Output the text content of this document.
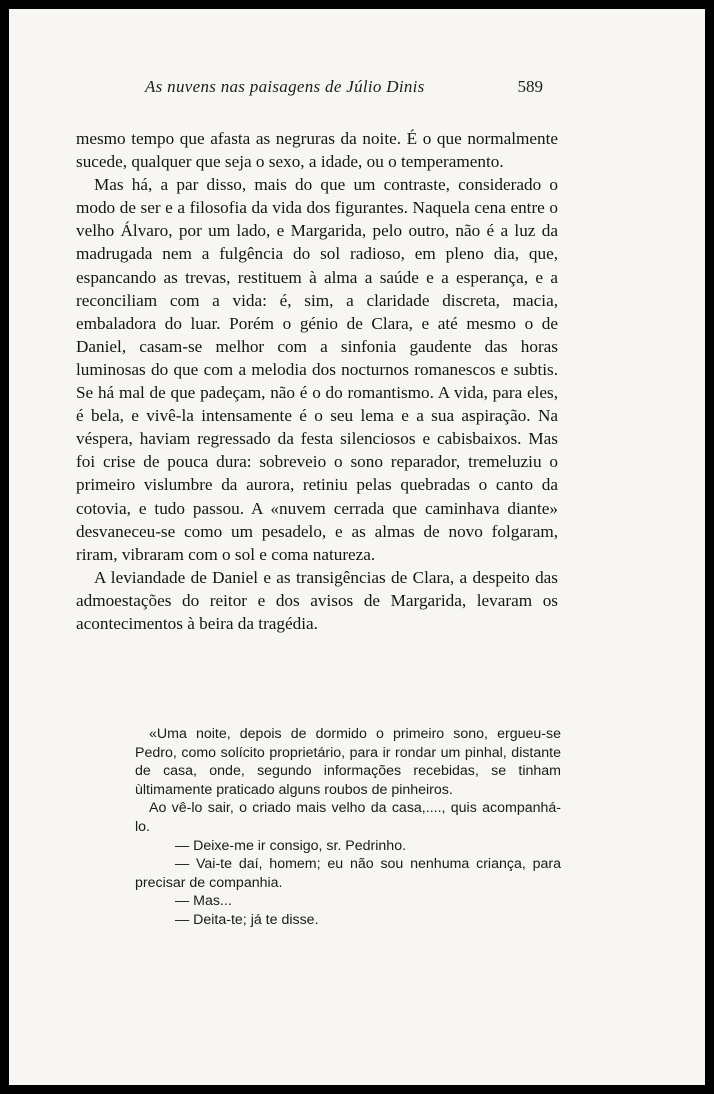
As nuvens nas paisagens de Júlio Dinis	589

mesmo tempo que afasta as negruras da noite. É o que normalmente sucede, qualquer que seja o sexo, a idade, ou o temperamento.

Mas há, a par disso, mais do que um contraste, considerado o modo de ser e a filosofia da vida dos figurantes. Naquela cena entre o velho Álvaro, por um lado, e Margarida, pelo outro, não é a luz da madrugada nem a fulgência do sol radioso, em pleno dia, que, espancando as trevas, restituem à alma a saúde e a esperança, e a reconciliam com a vida: é, sim, a claridade discreta, macia, embaladora do luar. Porém o génio de Clara, e até mesmo o de Daniel, casam-se melhor com a sinfonia gaudente das horas luminosas do que com a melodia dos nocturnos romanescos e subtis. Se há mal de que padeçam, não é o do romantismo. A vida, para eles, é bela, e vivê-la intensamente é o seu lema e a sua aspiração. Na véspera, haviam regressado da festa silenciosos e cabisbaixos. Mas foi crise de pouca dura: sobreveio o sono reparador, tremeluziu o primeiro vislumbre da aurora, retiniu pelas quebradas o canto da cotovia, e tudo passou. A «nuvem cerrada que caminhava diante» desvaneceu-se como um pesadelo, e as almas de novo folgaram, riram, vibraram com o sol e coma natureza.

A leviandade de Daniel e as transigências de Clara, a despeito das admoestações do reitor e dos avisos de Margarida, levaram os acontecimentos à beira da tragédia.

«Uma noite, depois de dormido o primeiro sono, ergueu-se Pedro, como solícito proprietário, para ir rondar um pinhal, distante de casa, onde, segundo informações recebidas, se tinham ùltimamente praticado alguns roubos de pinheiros.

Ao vê-lo sair, o criado mais velho da casa,...., quis acompanhá-lo.

— Deixe-me ir consigo, sr. Pedrinho.

— Vai-te daí, homem; eu não sou nenhuma criança, para precisar de companhia.

— Mas...

— Deita-te; já te disse.
